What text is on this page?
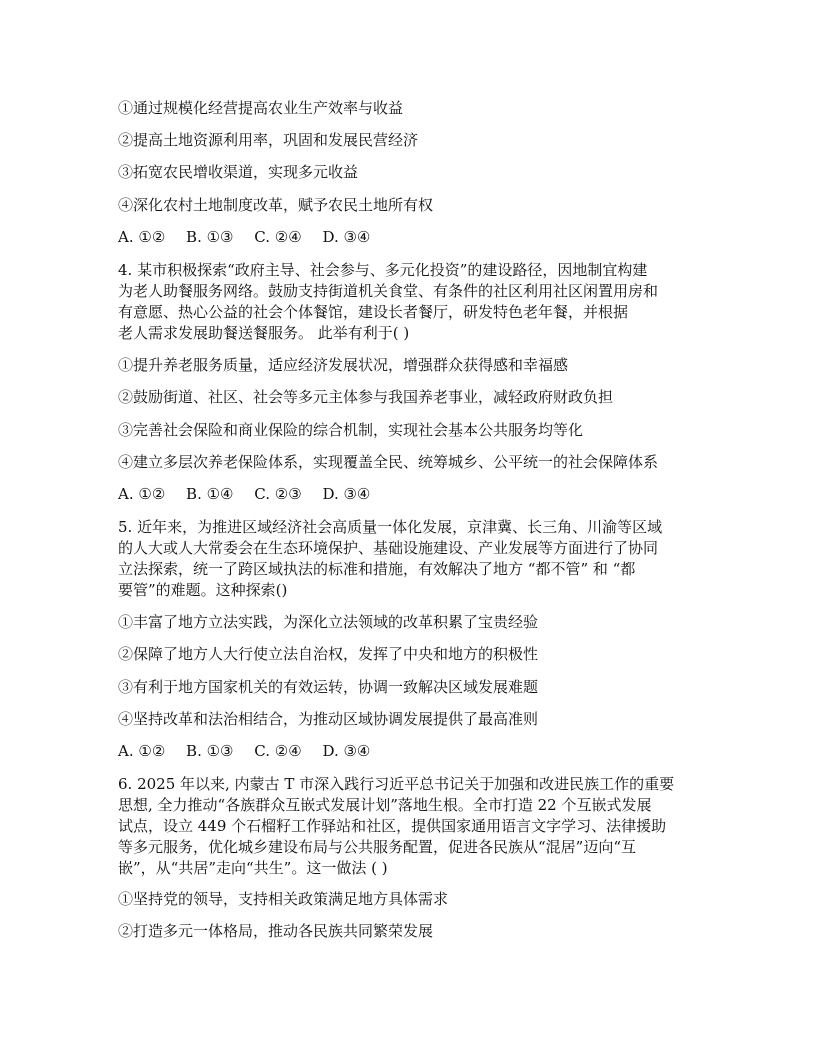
①通过规模化经营提高农业生产效率与收益
②提高土地资源利用率，巩固和发展民营经济
③拓宽农民增收渠道，实现多元收益
④深化农村土地制度改革，赋予农民土地所有权
A. ①② B. ①③ C. ②④ D. ③④
4. 某市积极探索“政府主导、社会参与、多元化投资”的建设路径，因地制宜构建
为老人助餐服务网络。鼓励支持街道机关食堂、有条件的社区利用社区闲置用房和
有意愿、热心公益的社会个体餐馆，建设长者餐厅，研发特色老年餐，并根据
老人需求发展助餐送餐服务。 此举有利于( )
①提升养老服务质量，适应经济发展状况，增强群众获得感和幸福感
②鼓励街道、社区、社会等多元主体参与我国养老事业，减轻政府财政负担
③完善社会保险和商业保险的综合机制，实现社会基本公共服务均等化
④建立多层次养老保险体系，实现覆盖全民、统筹城乡、公平统一的社会保障体系
A. ①② B. ①④ C. ②③ D. ③④
5. 近年来，为推进区域经济社会高质量一体化发展，京津冀、长三角、川渝等区域
的人大或人大常委会在生态环境保护、基础设施建设、产业发展等方面进行了协同
立法探索，统一了跨区域执法的标准和措施，有效解决了地方 “都不管” 和 “都
要管”的难题。这种探索()
①丰富了地方立法实践，为深化立法领域的改革积累了宝贵经验
②保障了地方人大行使立法自治权，发挥了中央和地方的积极性
③有利于地方国家机关的有效运转，协调一致解决区域发展难题
④坚持改革和法治相结合，为推动区域协调发展提供了最高准则
A. ①② B. ①③ C. ②④ D. ③④
6. 2025 年以来, 内蒙古 T 市深入践行习近平总书记关于加强和改进民族工作的重要
思想, 全力推动“各族群众互嵌式发展计划”落地生根。全市打造 22 个互嵌式发展
试点，设立 449 个石榴籽工作驿站和社区，提供国家通用语言文字学习、法律援助
等多元服务，优化城乡建设布局与公共服务配置，促进各民族从“混居”迈向“互
嵌”，从“共居”走向“共生”。这一做法 ( )
①坚持党的领导，支持相关政策满足地方具体需求
②打造多元一体格局，推动各民族共同繁荣发展
